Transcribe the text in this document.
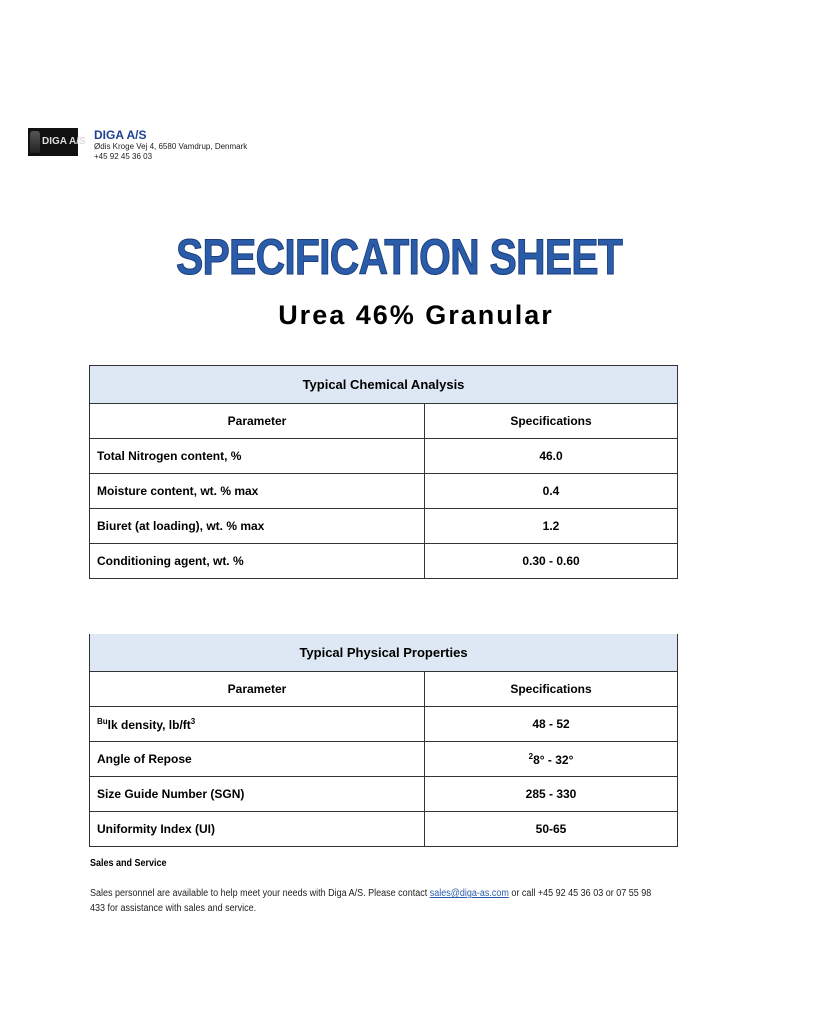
DIGA A/S DIGA A/S
Ødis Kroge Vej 4, 6580 Vamdrup, Denmark
+45 92 45 36 03
SPECIFICATION SHEET
Urea 46% Granular
Typical Chemical Analysis	
Parameter	Specifications
Total Nitrogen content, %	46.0
Moisture content, wt. % max	0.4
Biuret (at loading), wt. % max	1.2
Conditioning agent, wt. %	0.30 - 0.60
Typical Physical Properties	
Parameter	Specifications
$^{Bu}$lk density, $lb/ft^3$	48 - 52
Angle of Repose	$^2$8° - 32°
Size Guide Number (SGN)	285 - 330
Uniformity Index (UI)	50-65
Sales and Service
Sales personnel are available to help meet your needs with Diga A/S. Please contact sales@diga-as.com or call +45 92 45 36 03 or 07 55 98 433 for assistance with sales and service.
